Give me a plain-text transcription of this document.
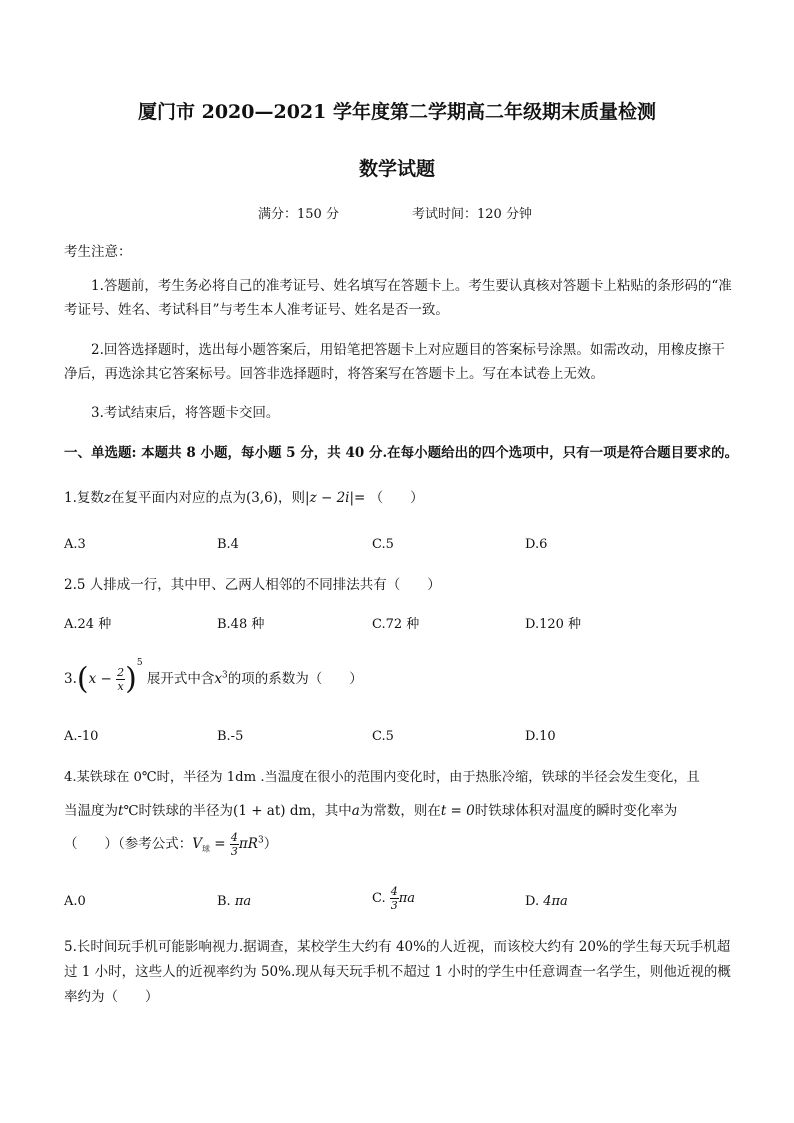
厦门市 2020—2021 学年度第二学期高二年级期末质量检测
数学试题
满分：150 分	考试时间：120 分钟
考生注意：
1.答题前，考生务必将自己的准考证号、姓名填写在答题卡上。考生要认真核对答题卡上粘贴的条形码的“准考证号、姓名、考试科目”与考生本人准考证号、姓名是否一致。
2.回答选择题时，选出每小题答案后，用铅笔把答题卡上对应题目的答案标号涂黑。如需改动，用橡皮擦干净后，再选涂其它答案标号。回答非选择题时，将答案写在答题卡上。写在本试卷上无效。
3.考试结束后，将答题卡交回。
一、单选题: 本题共 8 小题，每小题 5 分，共 40 分.在每小题给出的四个选项中，只有一项是符合题目要求的。
1.复数z在复平面内对应的点为(3,6)，则|z − 2i|= （　　）
A.3	B.4	C.5	D.6
2.5 人排成一行，其中甲、乙两人相邻的不同排法共有（　　）
A.24 种	B.48 种	C.72 种	D.120 种
$3.(x - \frac{2}{x} )^5$ 展开式中含$x^3$的项的系数为（　　）
A.-10	B.-5	C.5	D.10
4.某铁球在 0℃时，半径为 1dm .当温度在很小的范围内变化时，由于热胀冷缩，铁球的半径会发生变化，且
当温度为t℃时铁球的半径为(1 + at) dm，其中a为常数，则在t = 0时铁球体积对温度的瞬时变化率为
（　　）（参考公式：$V_球 = \frac{4}{3} \pi R^3$）
A.0	B. πa	C. $\frac{4}{3}$ πa	D. 4πa
5.长时间玩手机可能影响视力.据调查，某校学生大约有 40%的人近视，而该校大约有 20%的学生每天玩手机超过 1 小时，这些人的近视率约为 50%.现从每天玩手机不超过 1 小时的学生中任意调查一名学生，则他近视的概率约为（　　）
